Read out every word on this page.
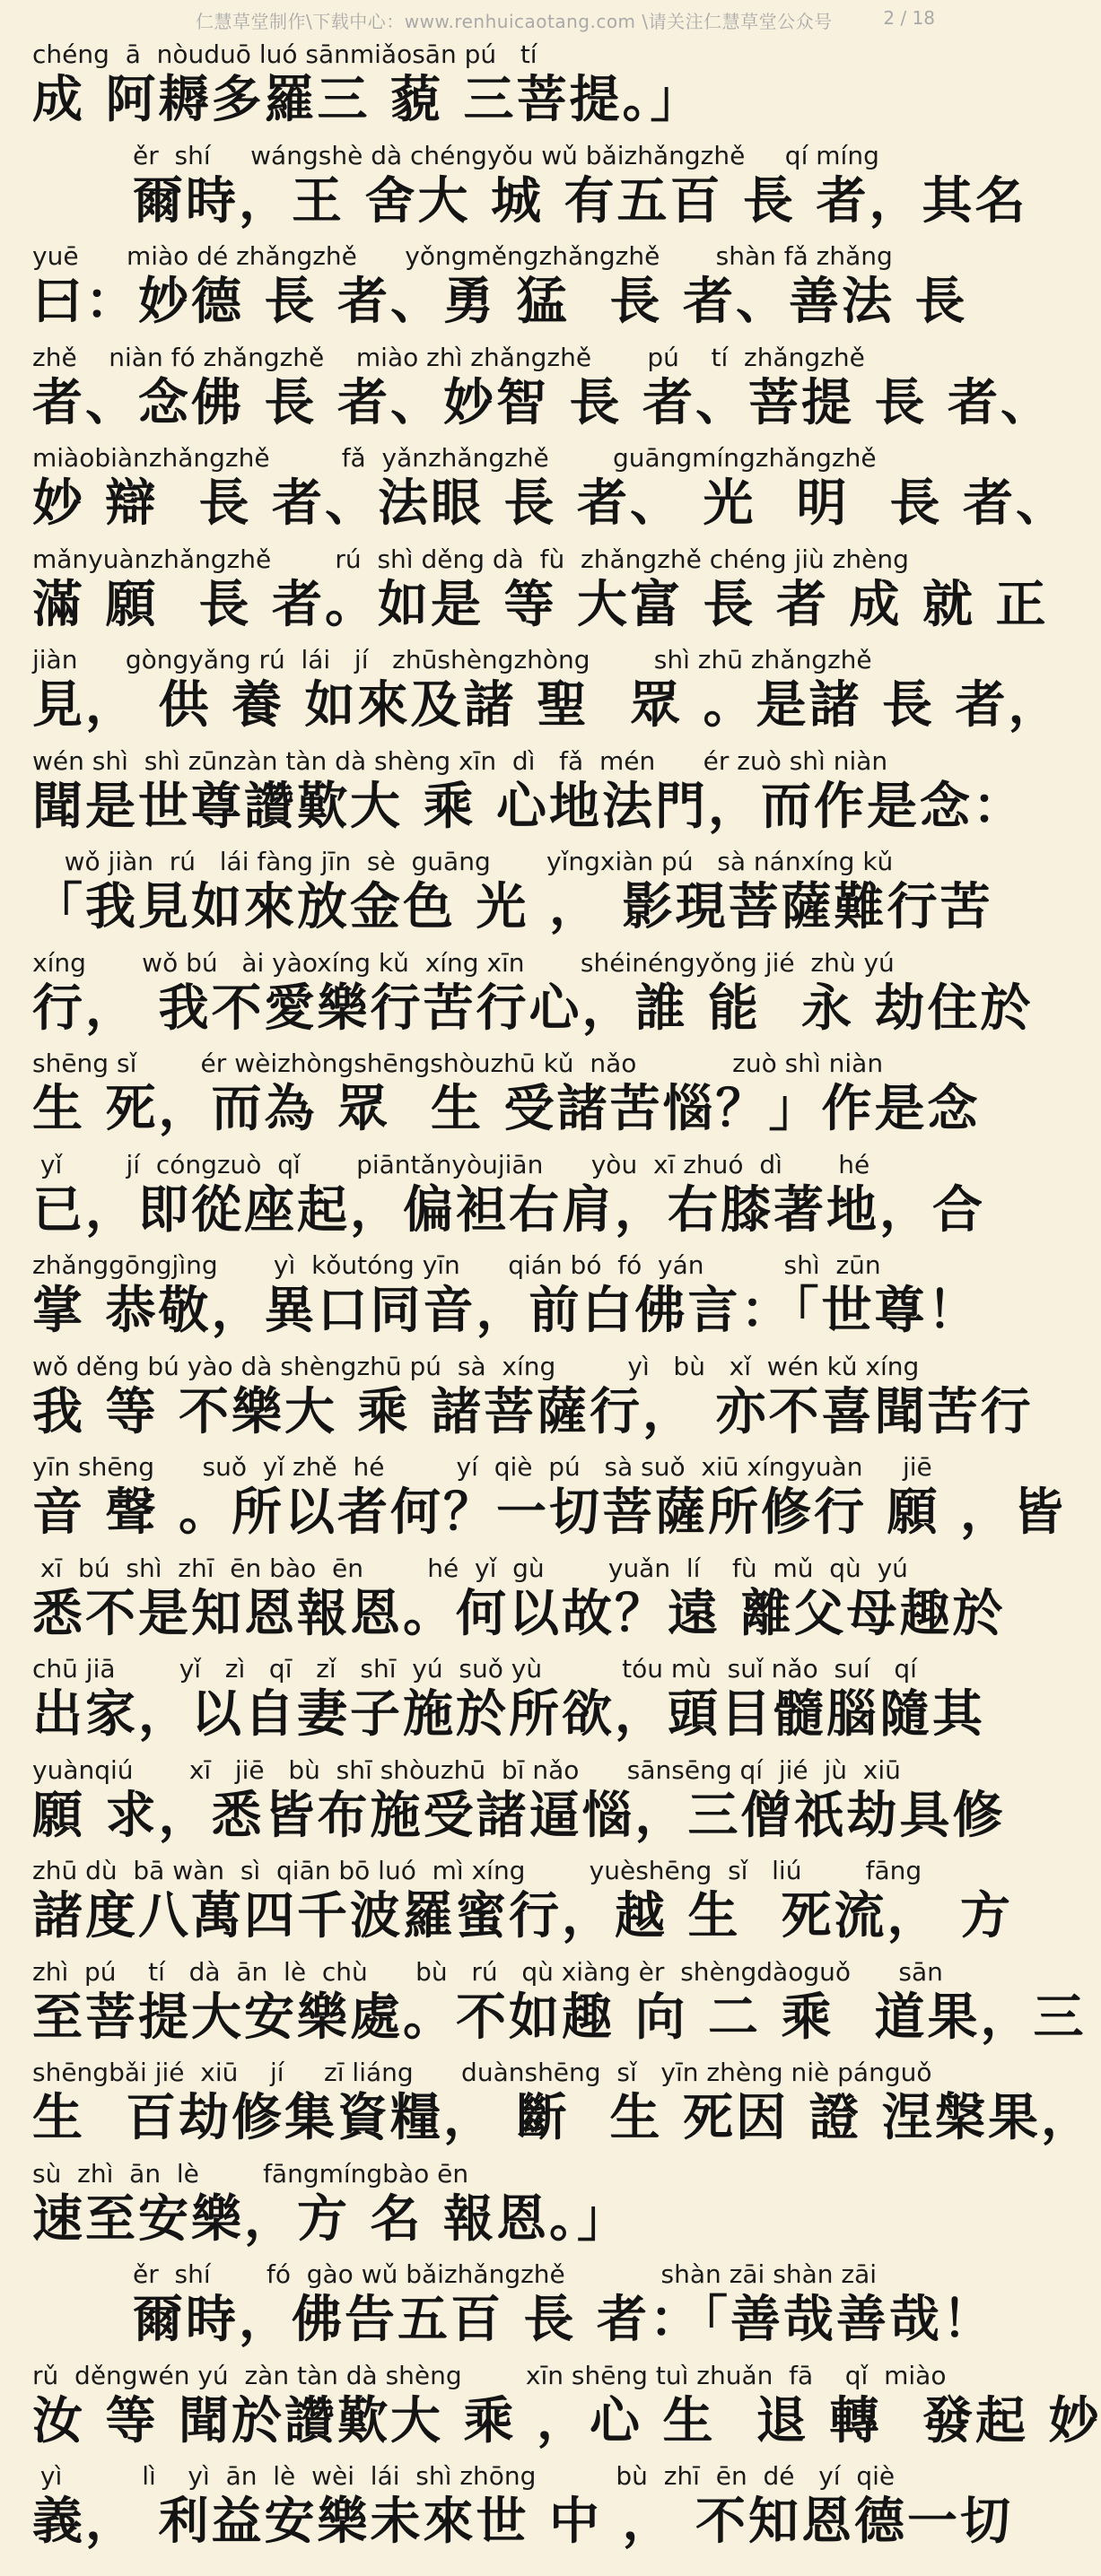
仁慧草堂制作\下载中心：www.renhuicaotang.com \请关注仁慧草堂公众号	2 / 18
chéng  ā  nòuduō luó sānmiǎosān pú   tí
成 阿耨多羅三 藐 三菩提。」
ěr  shí     wángshè dà chéngyǒu wǔ bǎizhǎngzhě     qí míng
爾時，王 舍大 城 有五百 長 者，其名
yuē      miào dé zhǎngzhě      yǒngměngzhǎngzhě       shàn fǎ zhǎng
曰：妙德 長 者、勇 猛  長 者、善法 長
zhě    niàn fó zhǎngzhě    miào zhì zhǎngzhě       pú    tí  zhǎngzhě
者、念佛 長 者、妙智 長 者、菩提 長 者、
miàobiànzhǎngzhě         fǎ  yǎnzhǎngzhě        guāngmíngzhǎngzhě
妙 辯  長 者、法眼 長 者、 光  明  長 者、
mǎnyuànzhǎngzhě        rú  shì děng dà  fù  zhǎngzhě chéng jiù zhèng
滿 願  長 者。如是 等 大富 長 者 成 就 正
jiàn      gòngyǎng rú  lái   jí   zhūshèngzhòng        shì zhū zhǎngzhě
見， 供 養 如來及諸 聖  眾 。是諸 長 者，
wén shì  shì zūnzàn tàn dà shèng xīn  dì   fǎ  mén      ér zuò shì niàn
聞是世尊讚歎大 乘 心地法門，而作是念：
wǒ jiàn  rú   lái fàng jīn  sè  guāng       yǐngxiàn pú   sà nánxíng kǔ
「我見如來放金色 光 ， 影現菩薩難行苦
xíng       wǒ bú   ài yàoxíng kǔ  xíng xīn       shéinéngyǒng jié  zhù yú
行， 我不愛樂行苦行心，誰 能  永 劫住於
shēng sǐ        ér wèizhòngshēngshòuzhū kǔ  nǎo            zuò shì niàn
生 死，而為 眾  生 受諸苦惱？」作是念
yǐ        jí  cóngzuò  qǐ       piāntǎnyòujiān      yòu  xī zhuó  dì       hé
已，即從座起，偏袒右肩，右膝著地，合
zhǎnggōngjìng       yì  kǒutóng yīn      qián bó  fó  yán          shì  zūn
掌 恭敬，異口同音，前白佛言：「世尊！
wǒ děng bú yào dà shèngzhū pú  sà  xíng         yì   bù   xǐ  wén kǔ xíng
我 等 不樂大 乘 諸菩薩行， 亦不喜聞苦行
yīn shēng      suǒ  yǐ zhě  hé         yí  qiè  pú   sà suǒ  xiū xíngyuàn     jiē
音 聲 。所以者何？一切菩薩所修行 願 ，皆
xī  bú  shì  zhī  ēn bào  ēn        hé  yǐ  gù        yuǎn  lí    fù  mǔ  qù  yú
悉不是知恩報恩。何以故？遠 離父母趣於
chū jiā        yǐ   zì   qī   zǐ   shī  yú  suǒ yù          tóu mù  suǐ nǎo  suí   qí
出家，以自妻子施於所欲，頭目髓腦隨其
yuànqiú       xī   jiē   bù  shī shòuzhū  bī nǎo      sānsēng qí  jié  jù  xiū
願 求，悉皆布施受諸逼惱，三僧祇劫具修
zhū dù  bā wàn  sì  qiān bō luó  mì xíng        yuèshēng  sǐ   liú        fāng
諸度八萬四千波羅蜜行，越 生  死流， 方
zhì  pú    tí   dà  ān  lè  chù      bù   rú   qù xiàng èr  shèngdàoguǒ      sān
至菩提大安樂處。不如趣 向 二 乘  道果，三
shēngbǎi jié  xiū    jí     zī liáng      duànshēng  sǐ   yīn zhèng niè pánguǒ
生  百劫修集資糧， 斷  生 死因 證 涅槃果，
sù  zhì  ān  lè        fāngmíngbào ēn
速至安樂，方 名 報恩。」
ěr  shí       fó  gào wǔ bǎizhǎngzhě            shàn zāi shàn zāi
爾時，佛告五百 長 者：「善哉善哉！
rǔ  děngwén yú  zàn tàn dà shèng        xīn shēng tuì zhuǎn  fā    qǐ  miào
汝 等 聞於讚歎大 乘 ，心 生  退 轉  發起 妙
yì          lì    yì  ān  lè  wèi  lái  shì zhōng          bù  zhī  ēn  dé   yí  qiè
義， 利益安樂未來世 中 ， 不知恩德一切
